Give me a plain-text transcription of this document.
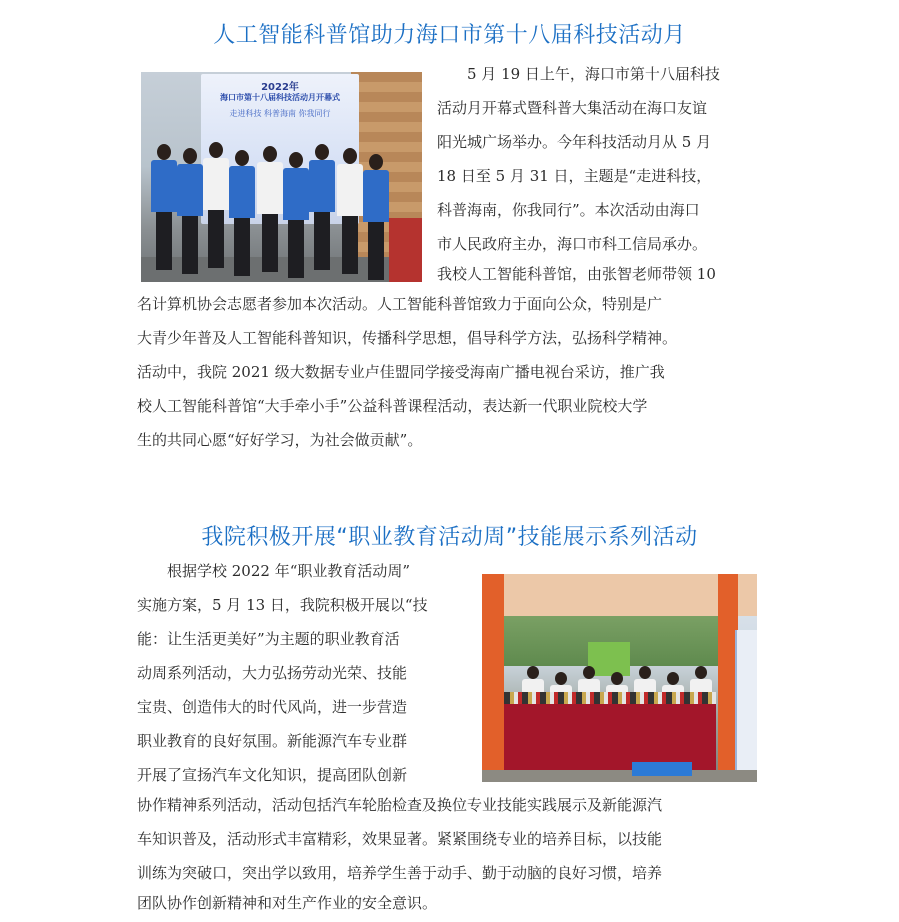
人工智能科普馆助力海口市第十八届科技活动月
2022年
海口市第十八届科技活动月开幕式
走进科技 科普海南 你我同行
5 月 19 日上午，海口市第十八届科技
活动月开幕式暨科普大集活动在海口友谊
阳光城广场举办。今年科技活动月从 5 月
18 日至 5 月 31 日，主题是“走进科技，
科普海南，你我同行”。本次活动由海口
市人民政府主办，海口市科工信局承办。
我校人工智能科普馆，由张智老师带领 10
名计算机协会志愿者参加本次活动。人工智能科普馆致力于面向公众，特别是广
大青少年普及人工智能科普知识，传播科学思想，倡导科学方法，弘扬科学精神。
活动中，我院 2021 级大数据专业卢佳盟同学接受海南广播电视台采访，推广我
校人工智能科普馆“大手牵小手”公益科普课程活动，表达新一代职业院校大学
生的共同心愿“好好学习，为社会做贡献”。
我院积极开展“职业教育活动周”技能展示系列活动
根据学校 2022 年“职业教育活动周”
实施方案，5 月 13 日，我院积极开展以“技
能：让生活更美好”为主题的职业教育活
动周系列活动，大力弘扬劳动光荣、技能
宝贵、创造伟大的时代风尚，进一步营造
职业教育的良好氛围。新能源汽车专业群
开展了宣扬汽车文化知识，提高团队创新
协作精神系列活动，活动包括汽车轮胎检查及换位专业技能实践展示及新能源汽
车知识普及，活动形式丰富精彩，效果显著。紧紧围绕专业的培养目标，以技能
训练为突破口，突出学以致用，培养学生善于动手、勤于动脑的良好习惯，培养
团队协作创新精神和对生产作业的安全意识。
